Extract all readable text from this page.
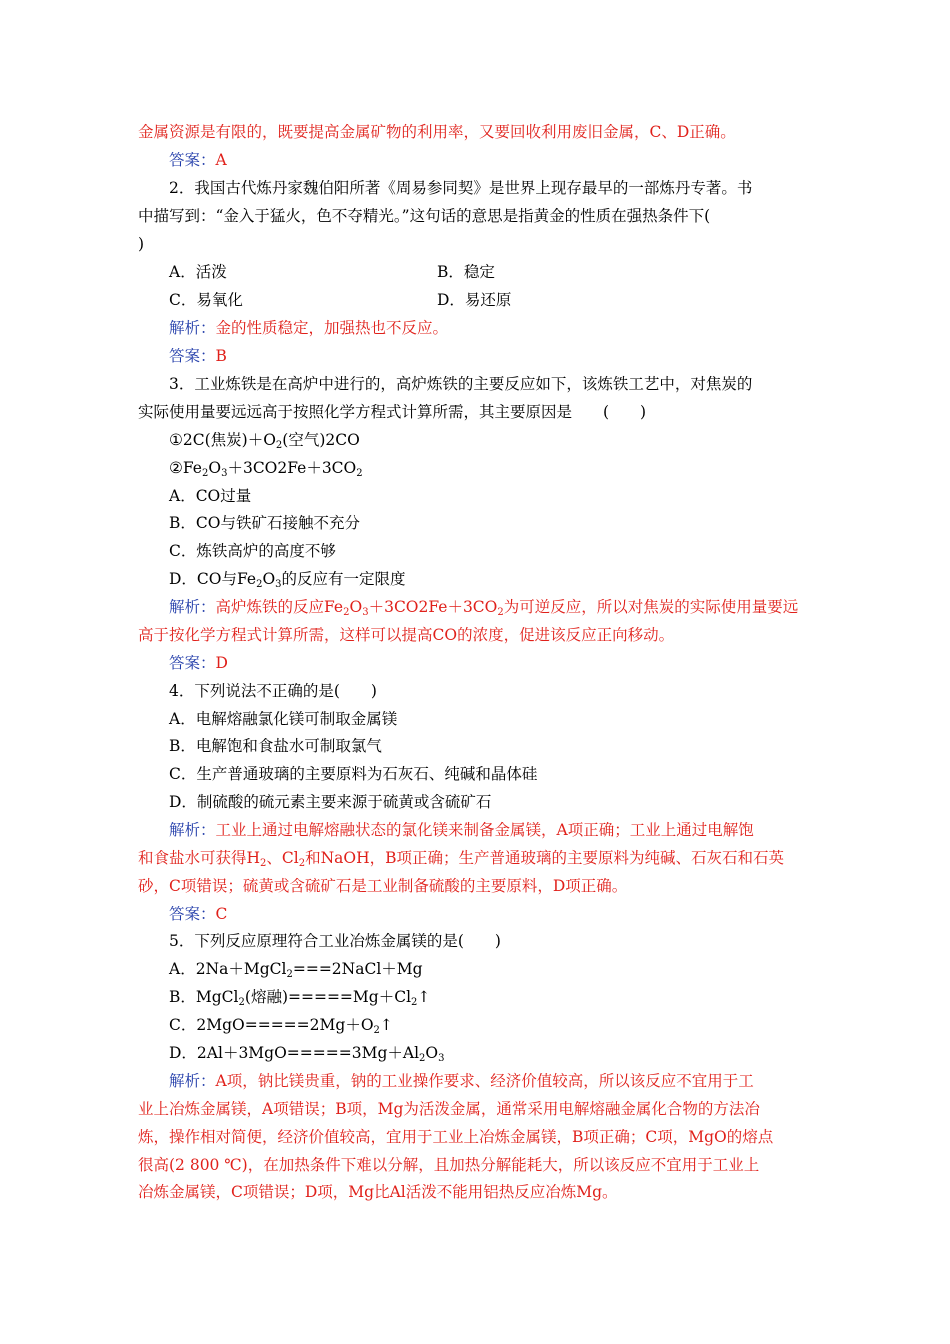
金属资源是有限的，既要提高金属矿物的利用率，又要回收利用废旧金属，C、D正确。
答案：A
2．我国古代炼丹家魏伯阳所著《周易参同契》是世界上现存最早的一部炼丹专著。书
中描写到：“金入于猛火，色不夺精光。”这句话的意思是指黄金的性质在强热条件下(
)
A．活泼	B．稳定
C．易氧化	D．易还原
解析：金的性质稳定，加强热也不反应。
答案：B
3．工业炼铁是在高炉中进行的，高炉炼铁的主要反应如下，该炼铁工艺中，对焦炭的
实际使用量要远远高于按照化学方程式计算所需，其主要原因是　　(　　)
①2C(焦炭)$+O_2$(空气)2CO
$②Fe_2O_3+3CO2Fe+3CO_2$
A．CO过量
B．CO与铁矿石接触不充分
C．炼铁高炉的高度不够
D．CO与$Fe_2O_3$的反应有一定限度
解析：高炉炼铁的反应$Fe_2O_3+3CO2Fe+3CO_2$为可逆反应，所以对焦炭的实际使用量要远
高于按化学方程式计算所需，这样可以提高CO的浓度，促进该反应正向移动。
答案：D
4．下列说法不正确的是(　　)
A．电解熔融氯化镁可制取金属镁
B．电解饱和食盐水可制取氯气
C．生产普通玻璃的主要原料为石灰石、纯碱和晶体硅
D．制硫酸的硫元素主要来源于硫黄或含硫矿石
解析：工业上通过电解熔融状态的氯化镁来制备金属镁，A项正确；工业上通过电解饱
和食盐水可获得$H_2$、$Cl_2$和NaOH，B项正确；生产普通玻璃的主要原料为纯碱、石灰石和石英
砂，C项错误；硫黄或含硫矿石是工业制备硫酸的主要原料，D项正确。
答案：C
5．下列反应原理符合工业冶炼金属镁的是(　　)
A．2Na＋MgCl$_2$===2NaCl＋Mg
B．MgCl$_2$(熔融)$=====Mg+Cl_2↑$
C．$2MgO=====2Mg+O_2↑$
D．$2Al+3MgO=====3Mg+Al_2O_3$
解析：A项，钠比镁贵重，钠的工业操作要求、经济价值较高，所以该反应不宜用于工
业上冶炼金属镁，A项错误；B项，Mg为活泼金属，通常采用电解熔融金属化合物的方法冶
炼，操作相对简便，经济价值较高，宜用于工业上冶炼金属镁，B项正确；C项，MgO的熔点
很高(2 800 ℃)，在加热条件下难以分解，且加热分解能耗大，所以该反应不宜用于工业上
冶炼金属镁，C项错误；D项，Mg比Al活泼不能用铝热反应冶炼Mg。
